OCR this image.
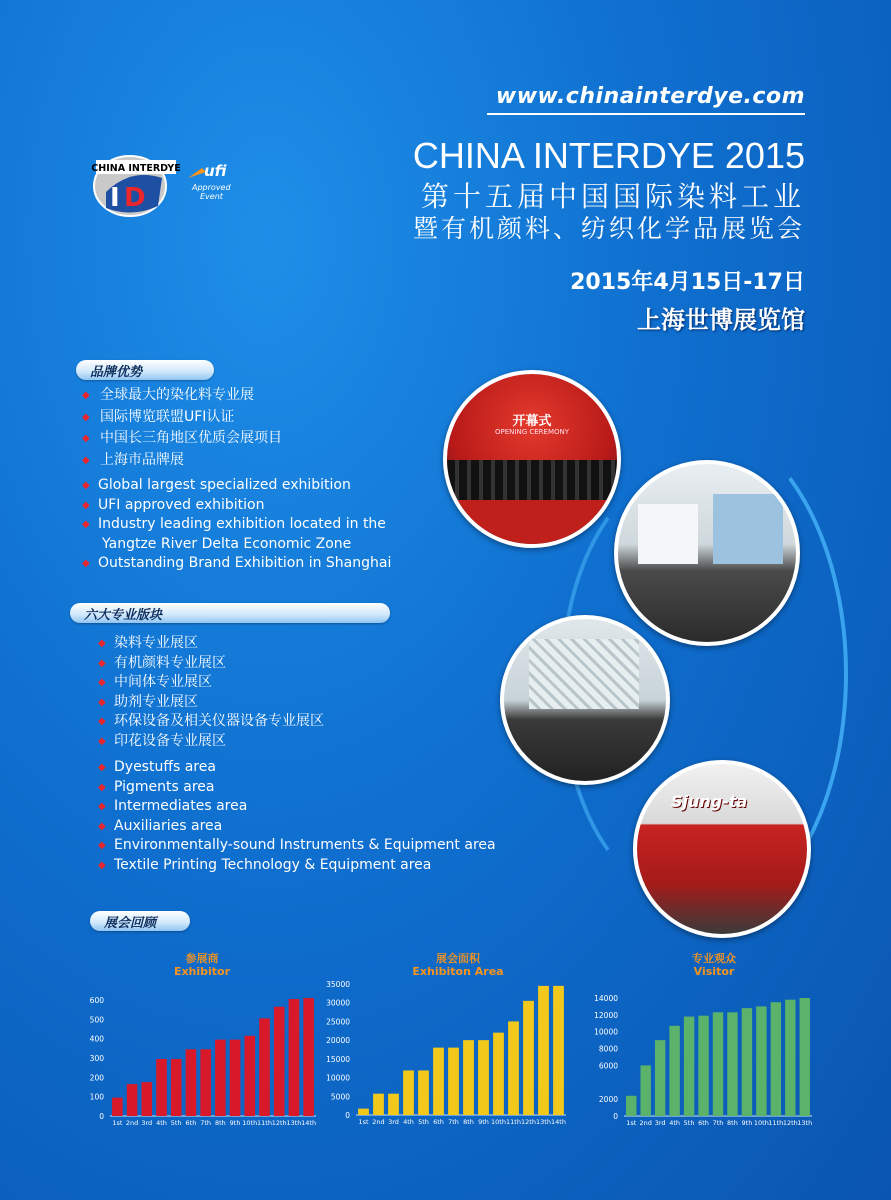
www.chinainterdye.com
CHINA INTERDYE 2015
第十五届中国国际染料工业
暨有机颜料、纺织化学品展览会
2015年4月15日-17日
上海世博展览馆
CHINA INTERDYE
I D
ufi
Approved
Event
品牌优势
◆ 全球最大的染化料专业展
◆ 国际博览联盟UFI认证
◆ 中国长三角地区优质会展项目
◆ 上海市品牌展
◆ Global largest specialized exhibition
◆ UFI approved exhibition
◆ Industry leading exhibition located in the
Yangtze River Delta Economic Zone
◆ Outstanding Brand Exhibition in Shanghai
六大专业版块
◆ 染料专业展区
◆ 有机颜料专业展区
◆ 中间体专业展区
◆ 助剂专业展区
◆ 环保设备及相关仪器设备专业展区
◆ 印花设备专业展区
◆ Dyestuffs area
◆ Pigments area
◆ Intermediates area
◆ Auxiliaries area
◆ Environmentally-sound Instruments & Equipment area
◆ Textile Printing Technology & Equipment area
开幕式
OPENING CEREMONY
Sjung-ta
展会回顾
参展商
Exhibitor
展会面积
Exhibiton Area
专业观众
Visitor
0
100
200
300
400
500
600
1st 2nd 3rd 4th 5th 6th 7th 8th 9th 10th 11th 12th 13th 14th
0
5000
10000
15000
20000
25000
30000
35000
1st 2nd 3rd 4th 5th 6th 7th 8th 9th 10th 11th 12th 13th 14th
0
2000
6000
8000
10000
12000
14000
1st 2nd 3rd 4th 5th 6th 7th 8th 9th 10th 11th 12th 13th
